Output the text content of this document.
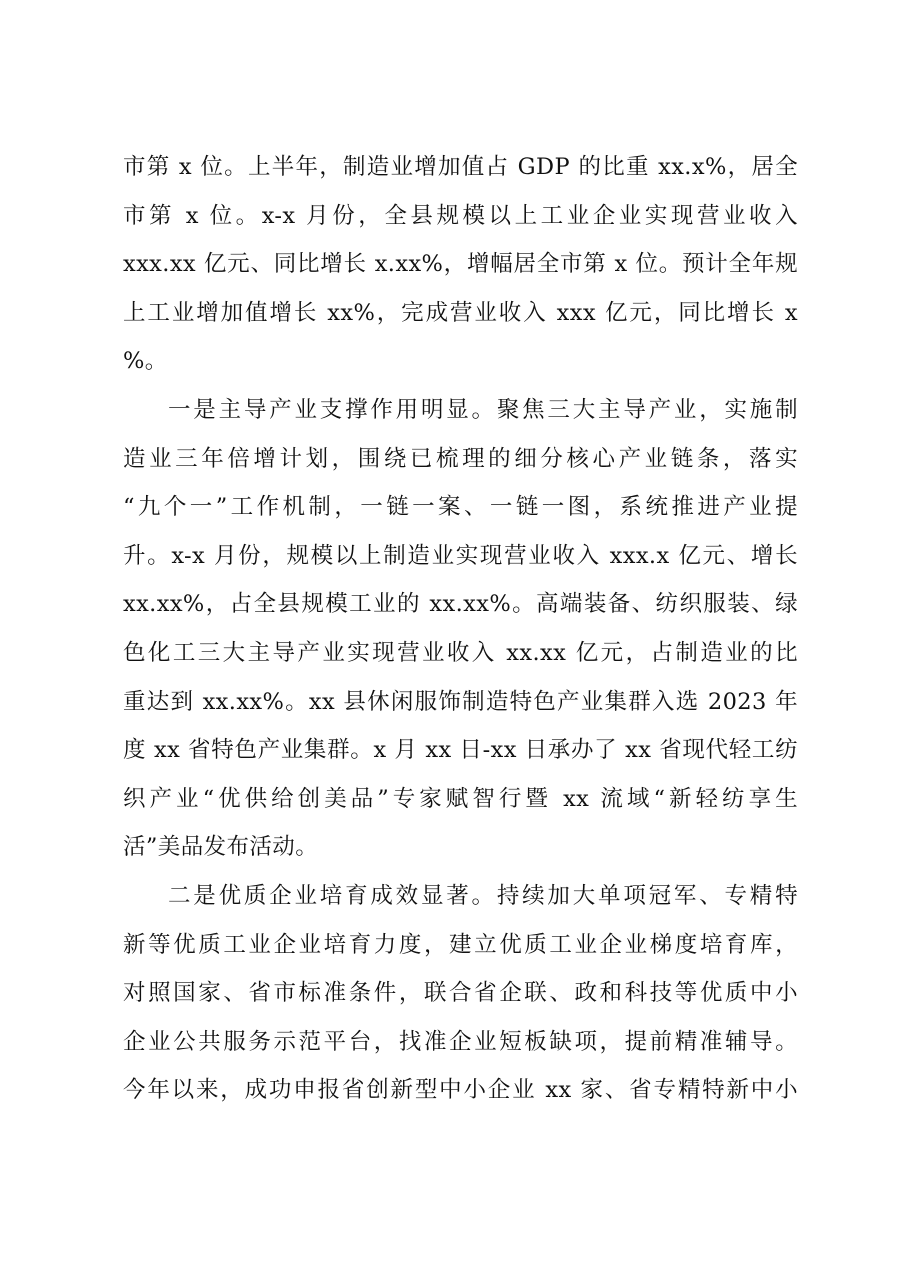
市第 x 位。上半年，制造业增加值占 GDP 的比重 xx.x%，居全
市第 x 位。x-x 月份，全县规模以上工业企业实现营业收入
xxx.xx 亿元、同比增长 x.xx%，增幅居全市第 x 位。预计全年规
上工业增加值增长 xx%，完成营业收入 xxx 亿元，同比增长 x
%。
一是主导产业支撑作用明显。聚焦三大主导产业，实施制
造业三年倍增计划，围绕已梳理的细分核心产业链条，落实
“九个一”工作机制，一链一案、一链一图，系统推进产业提
升。x-x 月份，规模以上制造业实现营业收入 xxx.x 亿元、增长
xx.xx%，占全县规模工业的 xx.xx%。高端装备、纺织服装、绿
色化工三大主导产业实现营业收入 xx.xx 亿元，占制造业的比
重达到 xx.xx%。xx 县休闲服饰制造特色产业集群入选 2023 年
度 xx 省特色产业集群。x 月 xx 日-xx 日承办了 xx 省现代轻工纺
织产业“优供给创美品”专家赋智行暨 xx 流域“新轻纺享生
活”美品发布活动。
二是优质企业培育成效显著。持续加大单项冠军、专精特
新等优质工业企业培育力度，建立优质工业企业梯度培育库，
对照国家、省市标准条件，联合省企联、政和科技等优质中小
企业公共服务示范平台，找准企业短板缺项，提前精准辅导。
今年以来，成功申报省创新型中小企业 xx 家、省专精特新中小
